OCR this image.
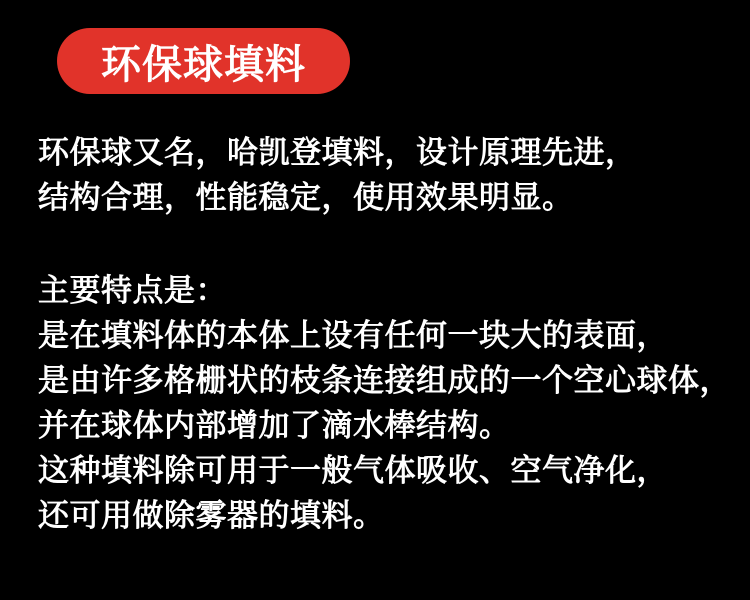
环保球填料
环保球又名，哈凯登填料，设计原理先进，
结构合理，性能稳定，使用效果明显。
主要特点是：
是在填料体的本体上设有任何一块大的表面，
是由许多格栅状的枝条连接组成的一个空心球体，
并在球体内部增加了滴水棒结构。
这种填料除可用于一般气体吸收、空气净化，
还可用做除雾器的填料。
